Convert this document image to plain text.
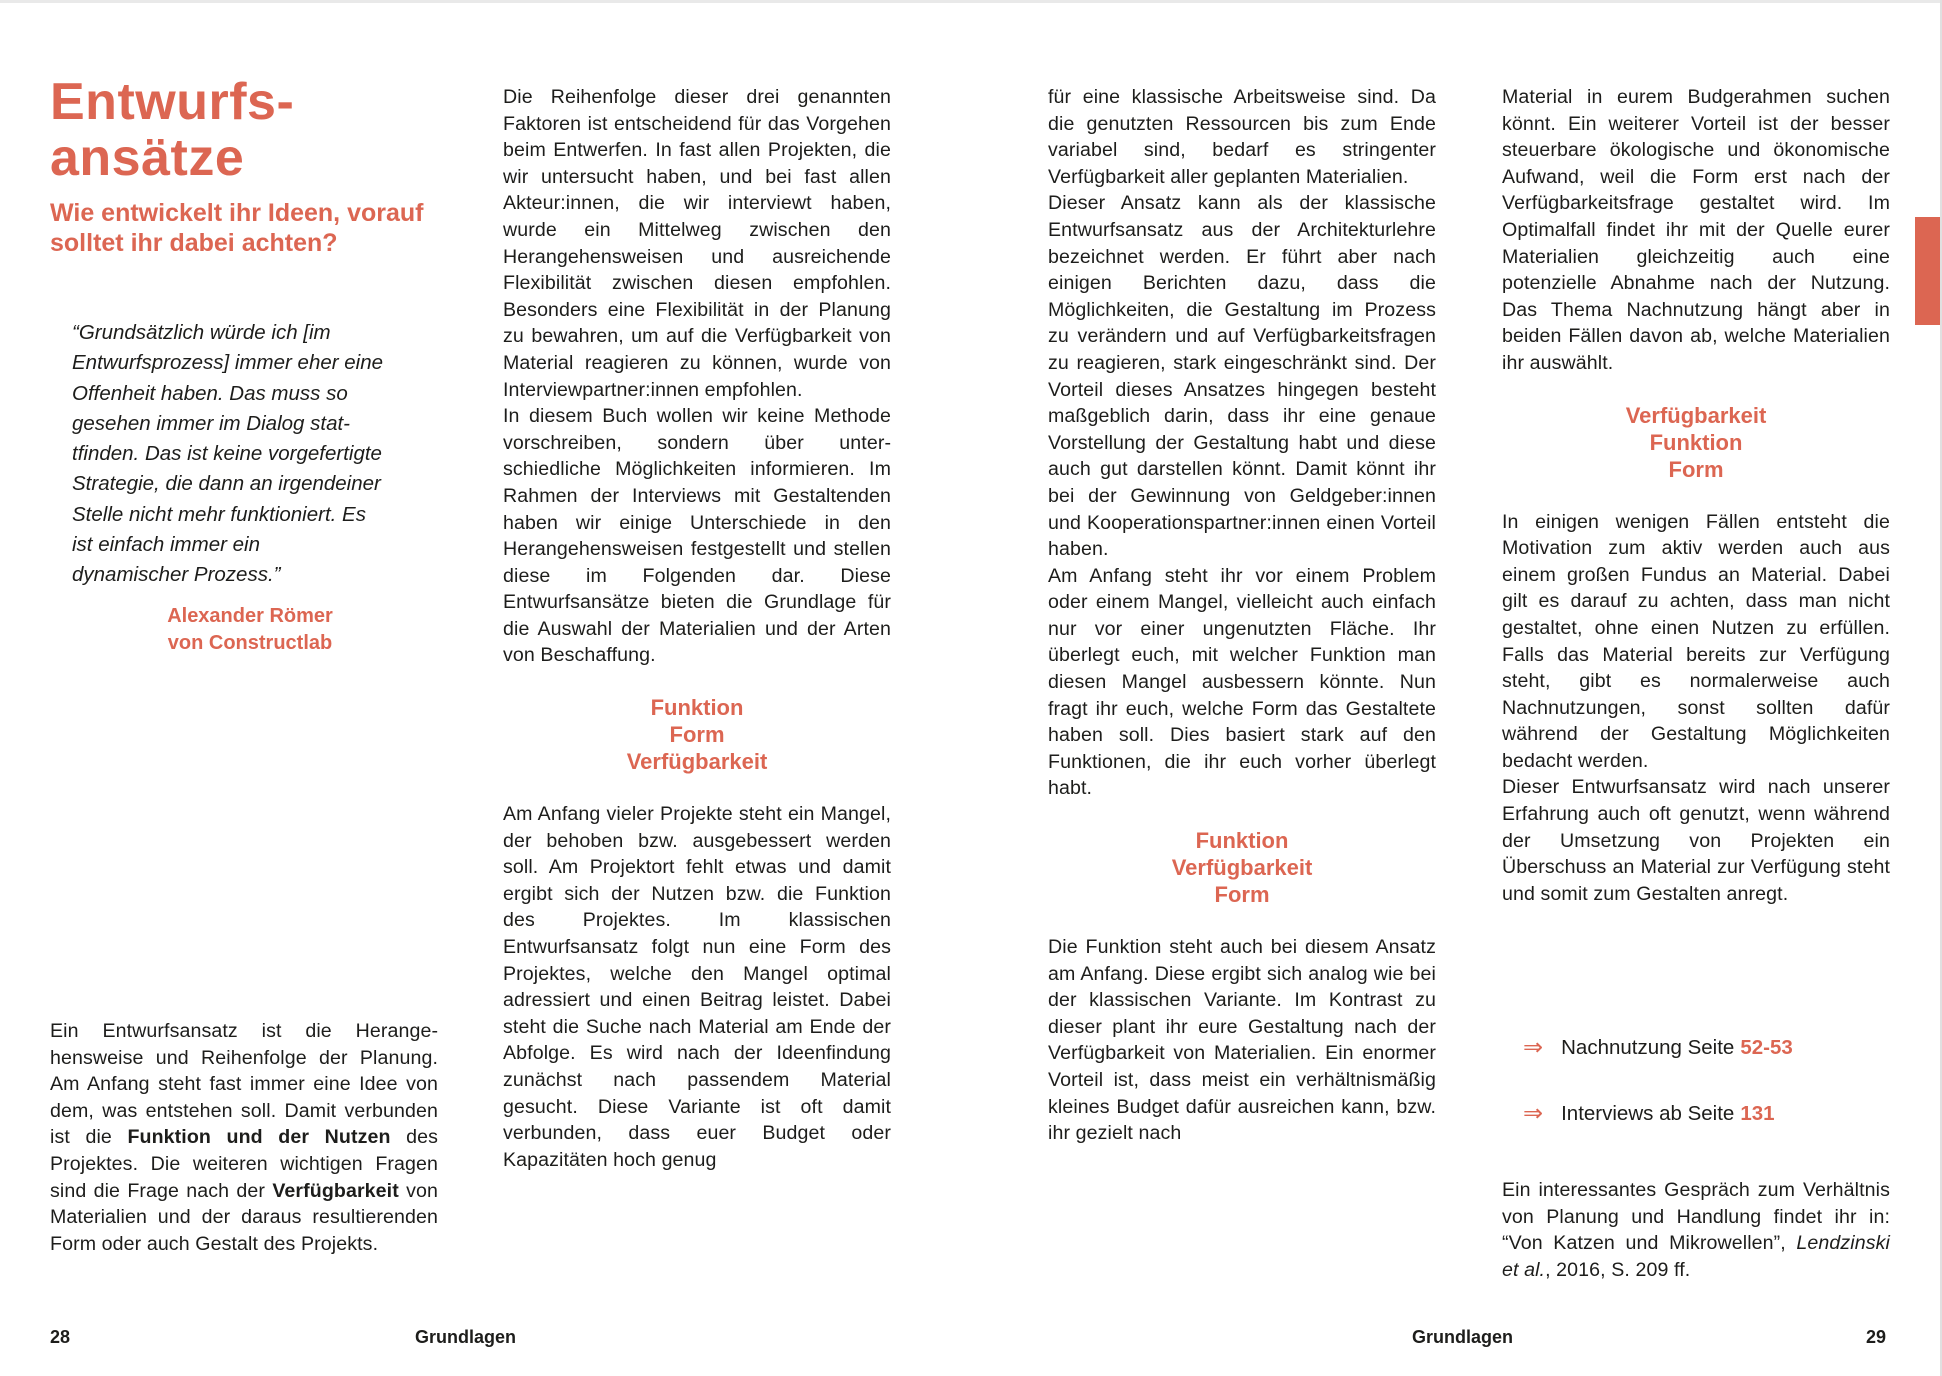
Entwurfs-
ansätze
Wie entwickelt ihr Ideen, vorauf solltet ihr dabei achten?
“Grundsätzlich würde ich [im
Entwurfsprozess] immer eher eine
Offenheit haben. Das muss so
gesehen immer im Dialog stat-
tfinden. Das ist keine vorgefertigte
Strategie, die dann an irgendeiner
Stelle nicht mehr funktioniert. Es
ist einfach immer ein
dynamischer Prozess.”
Alexander Römer
von Constructlab

Ein Entwurfsansatz ist die Herangehensweise und Reihenfolge der Planung. Am Anfang steht fast immer eine Idee von dem, was entstehen soll. Damit verbunden ist die Funktion und der Nutzen des Projektes. Die weiteren wichtigen Fragen sind die Frage nach der Verfügbarkeit von Materialien und der daraus resultierenden Form oder auch Gestalt des Projekts.

Die Reihenfolge dieser drei genannten Faktoren ist entscheidend für das Vorgehen beim Entwerfen. In fast allen Projekten, die wir untersucht haben, und bei fast allen Akteur:innen, die wir interviewt haben, wurde ein Mittelweg zwischen den Herangehensweisen und ausreichende Flexibilität zwischen diesen empfohlen. Besonders eine Flexibilität in der Planung zu bewahren, um auf die Verfügbarkeit von Material reagieren zu können, wurde von Interviewpartner:innen empfohlen.

In diesem Buch wollen wir keine Methode vorschreiben, sondern über unterschiedliche Möglichkeiten informieren. Im Rahmen der Interviews mit Gestaltenden haben wir einige Unterschiede in den Herangehensweisen festgestellt und stellen diese im Folgenden dar. Diese Entwurfsansätze bieten die Grundlage für die Auswahl der Materialien und der Arten von Beschaffung.

Funktion
Form
Verfügbarkeit

Am Anfang vieler Projekte steht ein Mangel, der behoben bzw. ausgebessert werden soll. Am Projektort fehlt etwas und damit ergibt sich der Nutzen bzw. die Funktion des Projektes. Im klassischen Entwurfsansatz folgt nun eine Form des Projektes, welche den Mangel optimal adressiert und einen Beitrag leistet. Dabei steht die Suche nach Material am Ende der Abfolge. Es wird nach der Ideenfindung zunächst nach passendem Material gesucht. Diese Variante ist oft damit verbunden, dass euer Budget oder Kapazitäten hoch genug

28	Grundlagen

für eine klassische Arbeitsweise sind. Da die genutzten Ressourcen bis zum Ende variabel sind, bedarf es stringenter Verfügbarkeit aller geplanten Materialien.

Dieser Ansatz kann als der klassische Entwurfsansatz aus der Architekturlehre bezeichnet werden. Er führt aber nach einigen Berichten dazu, dass die Möglichkeiten, die Gestaltung im Prozess zu verändern und auf Verfügbarkeitsfragen zu reagieren, stark eingeschränkt sind. Der Vorteil dieses Ansatzes hingegen besteht maßgeblich darin, dass ihr eine genaue Vorstellung der Gestaltung habt und diese auch gut darstellen könnt. Damit könnt ihr bei der Gewinnung von Geldgeber:innen und Kooperationspartner:innen einen Vorteil haben.

Am Anfang steht ihr vor einem Problem oder einem Mangel, vielleicht auch einfach nur vor einer ungenutzten Fläche. Ihr überlegt euch, mit welcher Funktion man diesen Mangel ausbessern könnte. Nun fragt ihr euch, welche Form das Gestaltete haben soll. Dies basiert stark auf den Funktionen, die ihr euch vorher überlegt habt.

Funktion
Verfügbarkeit
Form

Die Funktion steht auch bei diesem Ansatz am Anfang. Diese ergibt sich analog wie bei der klassischen Variante. Im Kontrast zu dieser plant ihr eure Gestaltung nach der Verfügbarkeit von Materialien. Ein enormer Vorteil ist, dass meist ein verhältnismäßig kleines Budget dafür ausreichen kann, bzw. ihr gezielt nach

Material in eurem Budgerahmen suchen könnt. Ein weiterer Vorteil ist der besser steuerbare ökologische und ökonomische Aufwand, weil die Form erst nach der Verfügbarkeitsfrage gestaltet wird. Im Optimalfall findet ihr mit der Quelle eurer Materialien gleichzeitig auch eine potenzielle Abnahme nach der Nutzung. Das Thema Nachnutzung hängt aber in beiden Fällen davon ab, welche Materialien ihr auswählt.

Verfügbarkeit
Funktion
Form

In einigen wenigen Fällen entsteht die Motivation zum aktiv werden auch aus einem großen Fundus an Material. Dabei gilt es darauf zu achten, dass man nicht gestaltet, ohne einen Nutzen zu erfüllen. Falls das Material bereits zur Verfügung steht, gibt es normalerweise auch Nachnutzungen, sonst sollten dafür während der Gestaltung Möglichkeiten bedacht werden.

Dieser Entwurfsansatz wird nach unserer Erfahrung auch oft genutzt, wenn während der Umsetzung von Projekten ein Überschuss an Material zur Verfügung steht und somit zum Gestalten anregt.

⇒ Nachnutzung Seite 52-53
⇒ Interviews ab Seite 131

Ein interessantes Gespräch zum Verhältnis von Planung und Handlung findet ihr in: “Von Katzen und Mikrowellen”, Lendzinski et al., 2016, S. 209 ff.

Grundlagen	29
